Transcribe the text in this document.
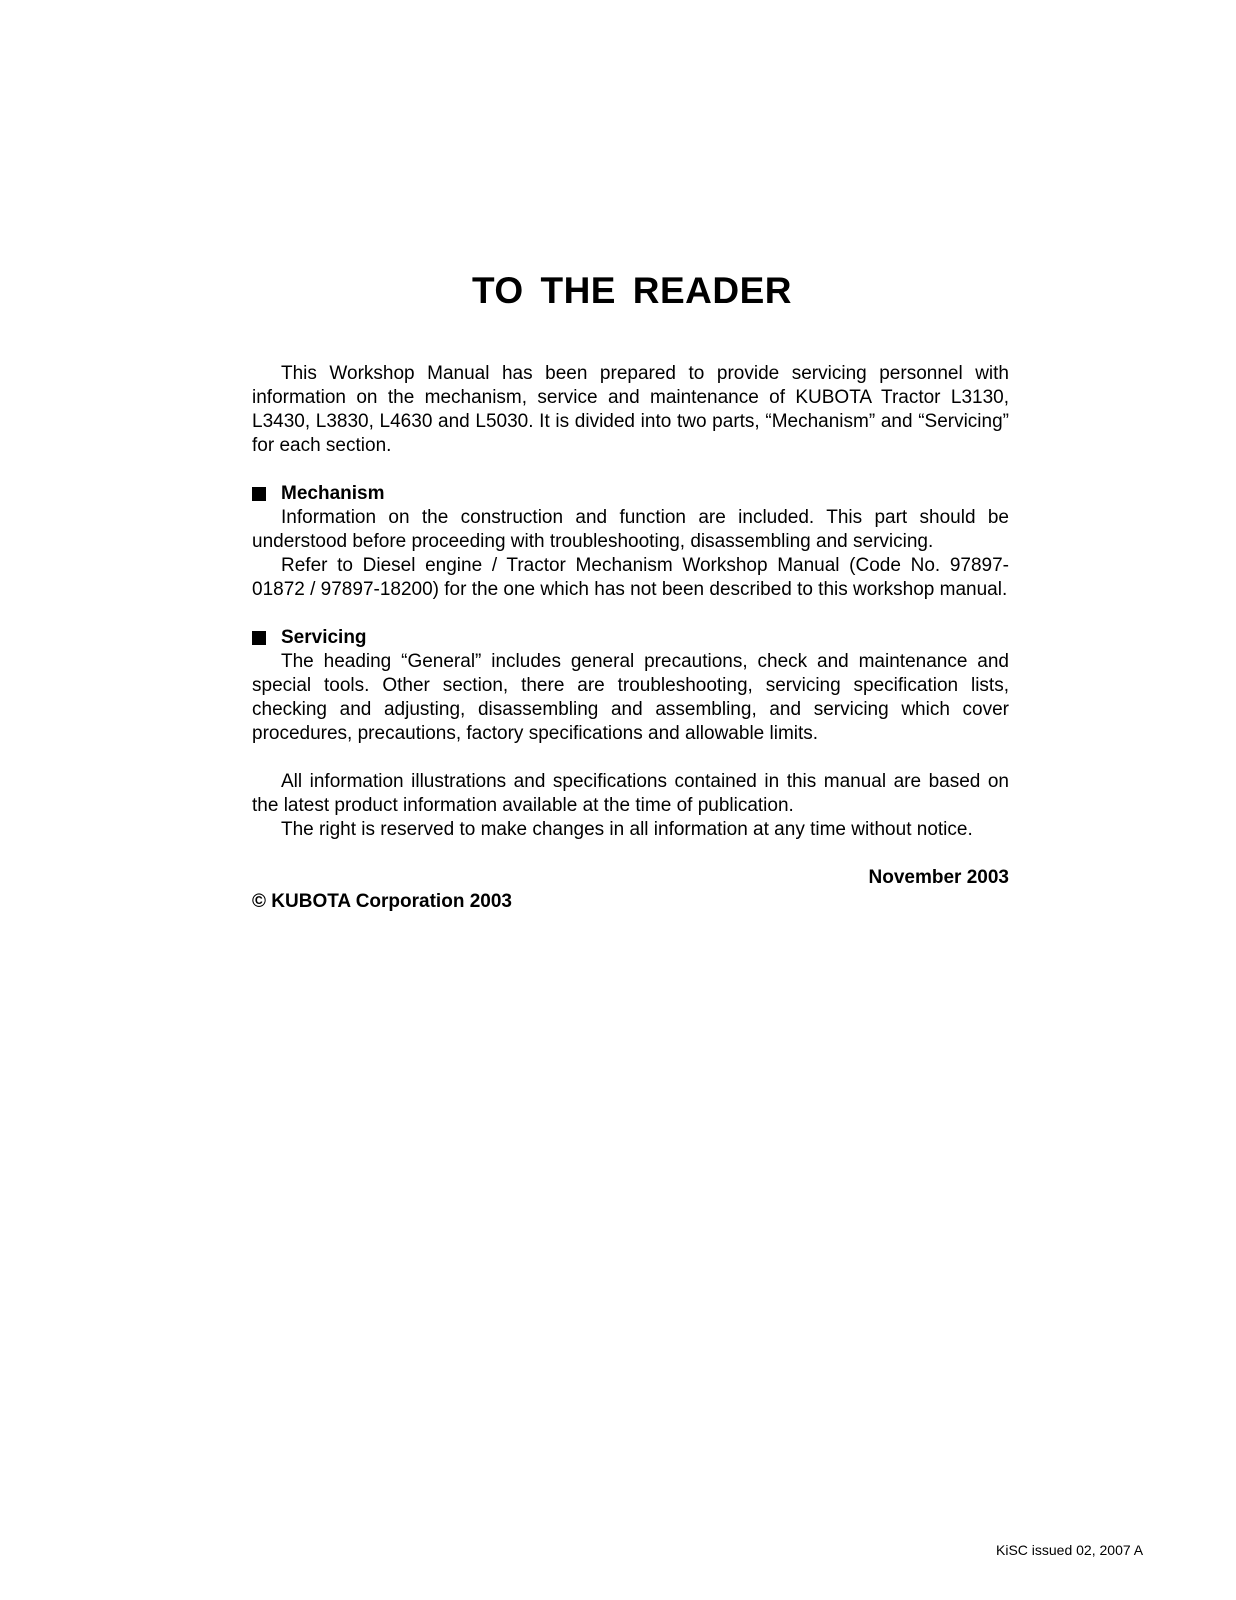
TO THE READER

This Workshop Manual has been prepared to provide servicing personnel with information on the mechanism, service and maintenance of KUBOTA Tractor L3130, L3430, L3830, L4630 and L5030. It is divided into two parts, “Mechanism” and “Servicing” for each section.

Mechanism

Information on the construction and function are included. This part should be understood before proceeding with troubleshooting, disassembling and servicing.

Refer to Diesel engine / Tractor Mechanism Workshop Manual (Code No. 97897-01872 / 97897-18200) for the one which has not been described to this workshop manual.

Servicing

The heading “General” includes general precautions, check and maintenance and special tools. Other section, there are troubleshooting, servicing specification lists, checking and adjusting, disassembling and assembling, and servicing which cover procedures, precautions, factory specifications and allowable limits.

All information illustrations and specifications contained in this manual are based on the latest product information available at the time of publication.

The right is reserved to make changes in all information at any time without notice.

November 2003
© KUBOTA Corporation 2003
KiSC issued 02, 2007 A
